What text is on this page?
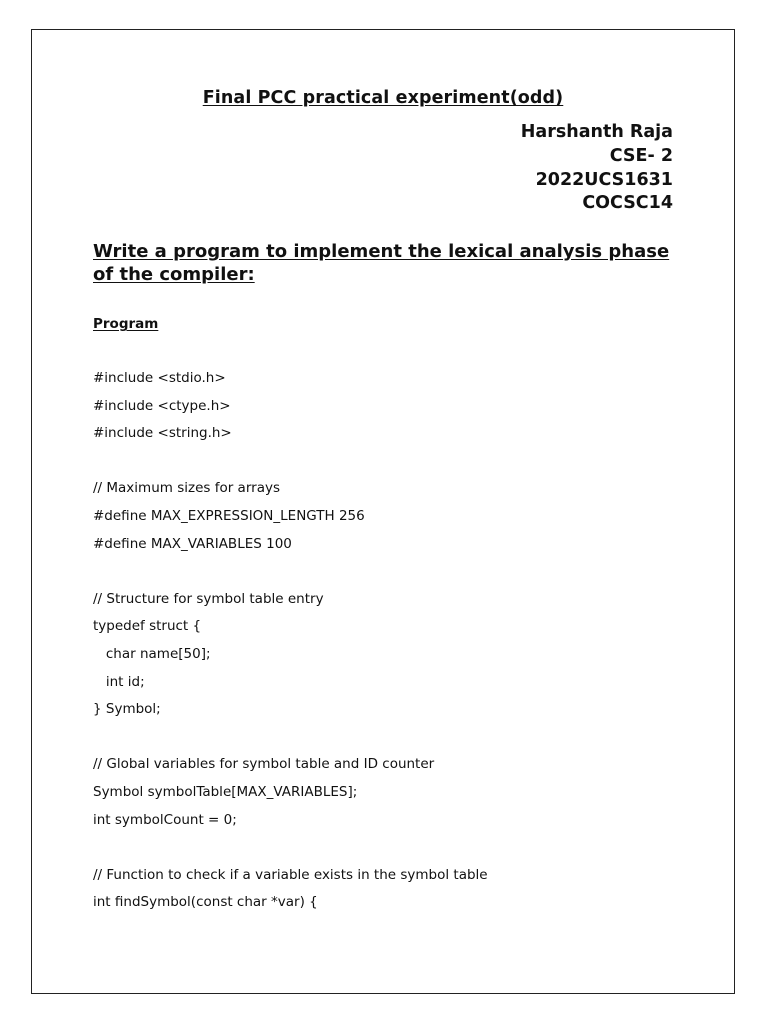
Final PCC practical experiment(odd)
Harshanth Raja
CSE- 2
2022UCS1631
COCSC14
Write a program to implement the lexical analysis phase of the compiler:
Program
#include <stdio.h>
#include <ctype.h>
#include <string.h>

// Maximum sizes for arrays
#define MAX_EXPRESSION_LENGTH 256
#define MAX_VARIABLES 100

// Structure for symbol table entry
typedef struct {
char name[50];
int id;
} Symbol;

// Global variables for symbol table and ID counter
Symbol symbolTable[MAX_VARIABLES];
int symbolCount = 0;

// Function to check if a variable exists in the symbol table
int findSymbol(const char *var) {
